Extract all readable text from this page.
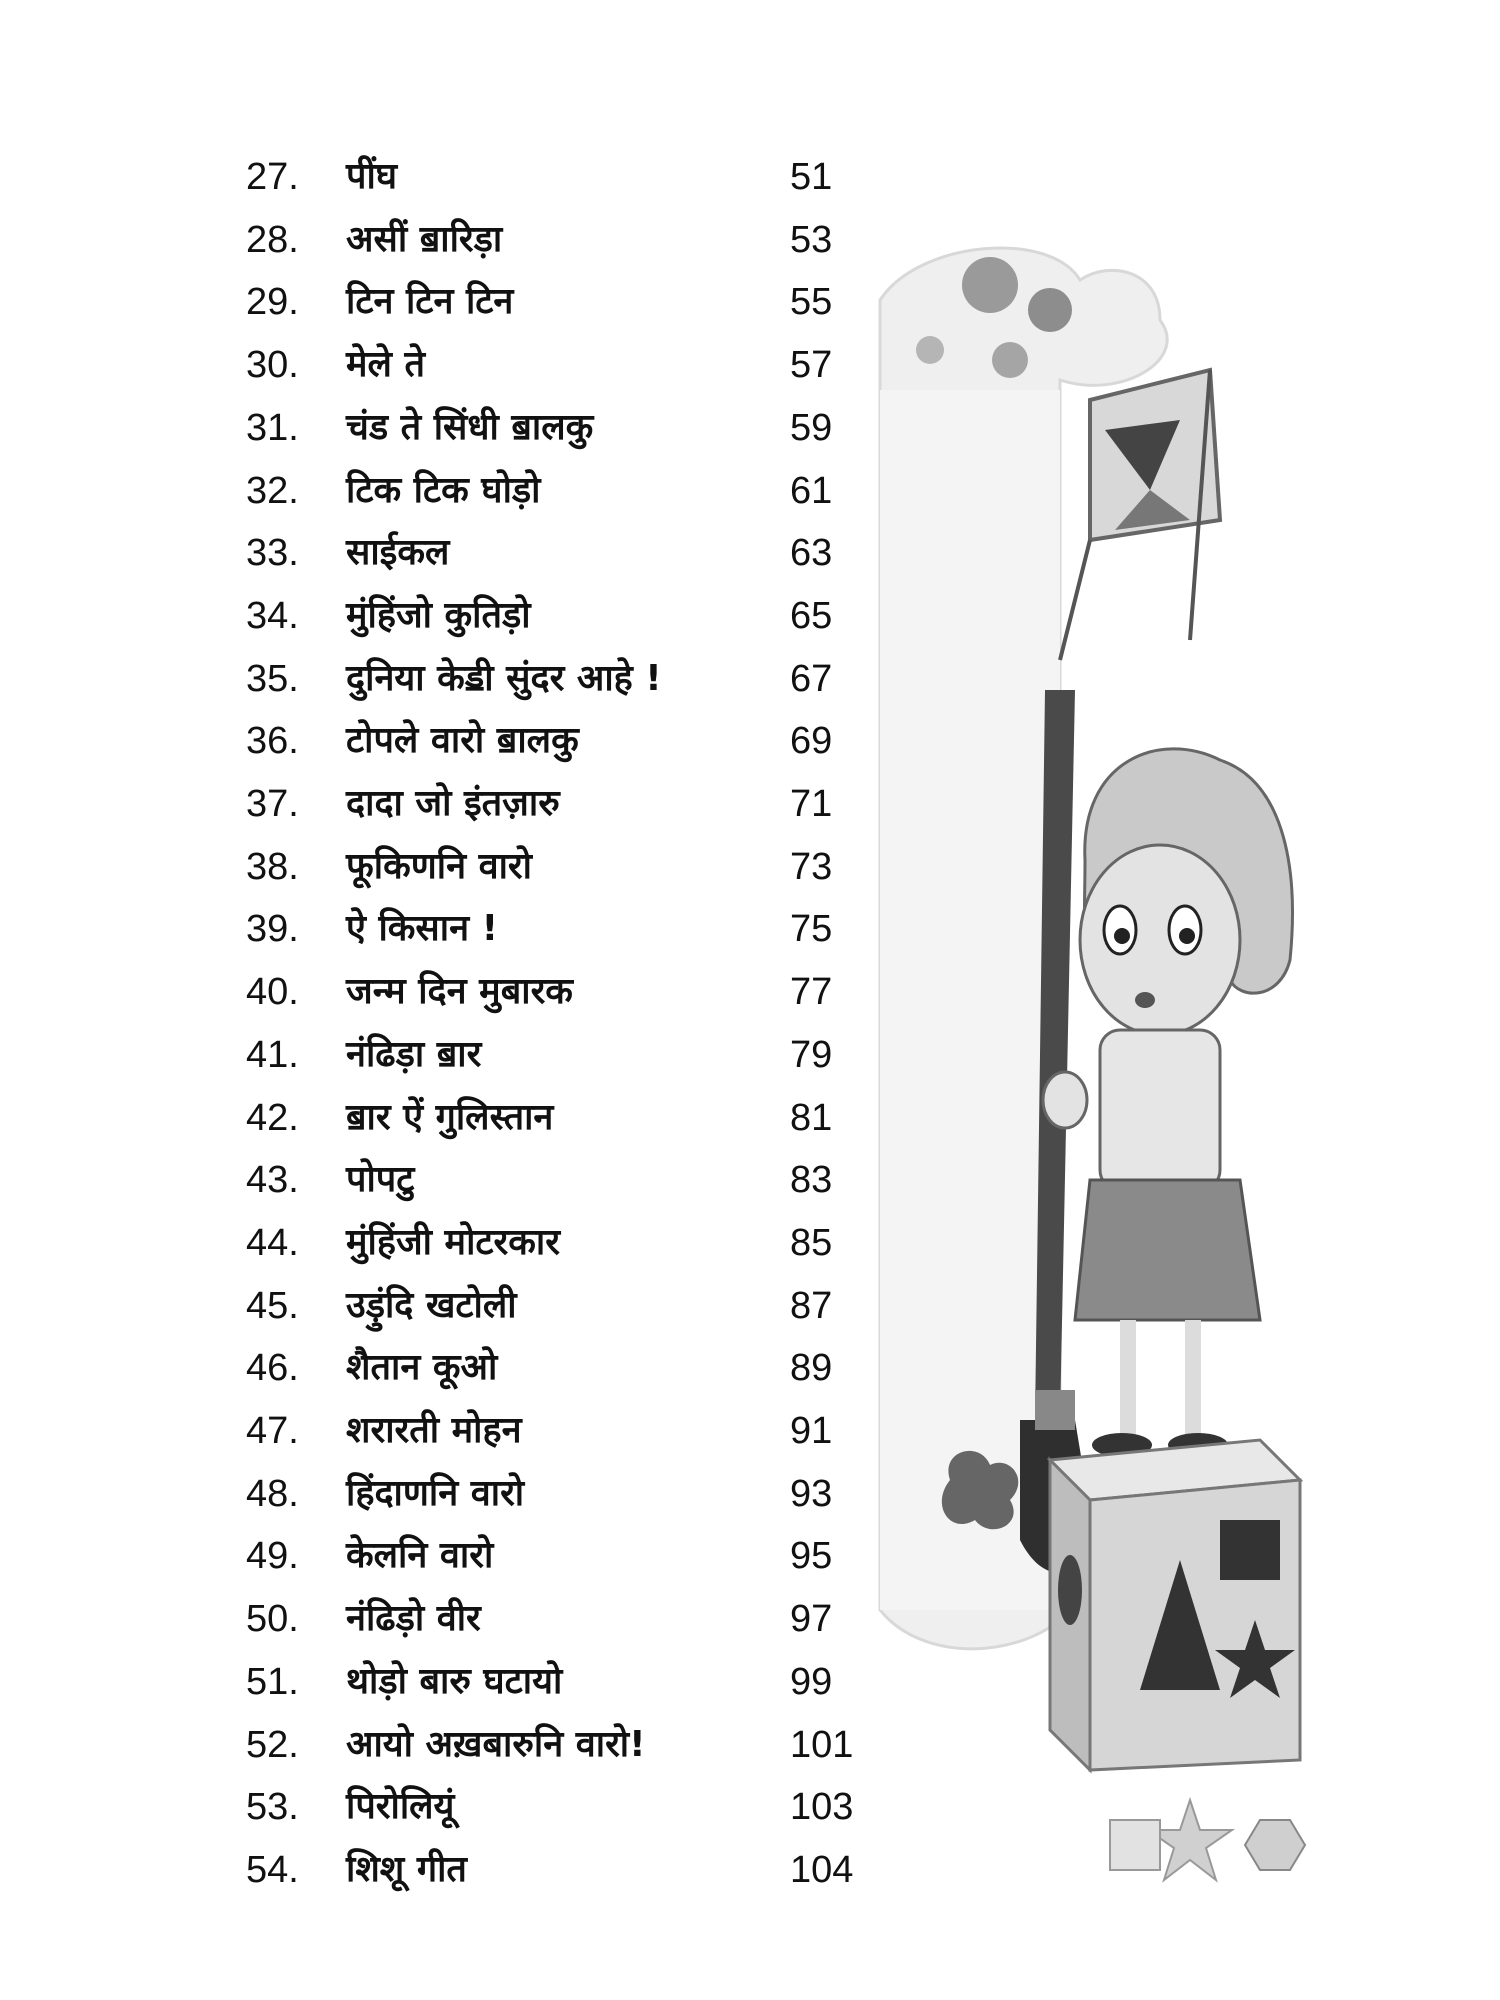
27.	पींघ	51
28.	असीं ॿारिड़ा	53
29.	टिन टिन टिन	55
30.	मेले ते	57
31.	चंड ते सिंधी ॿालकु	59
32.	टिक टिक घोड़ो	61
33.	साईकल	63
34.	मुंहिंजो कुतिड़ो	65
35.	दुनिया केॾी सुंदर आहे !	67
36.	टोपले वारो ॿालकु	69
37.	दादा जो इंतज़ारु	71
38.	फूकिणनि वारो	73
39.	ऐ किसान !	75
40.	जन्म दिन मुबारक	77
41.	नंढिड़ा ॿार	79
42.	ॿार ऐं गुलिस्तान	81
43.	पोपटु	83
44.	मुंहिंजी मोटरकार	85
45.	उड़ुंदि खटोली	87
46.	शैतान कूओ	89
47.	शरारती मोहन	91
48.	हिंदाणनि वारो	93
49.	केलनि वारो	95
50.	नंढिड़ो वीर	97
51.	थोड़ो बारु घटायो	99
52.	आयो अख़बारुनि वारो!	101
53.	पिरोलियूं	103
54.	शिशू गीत	104
